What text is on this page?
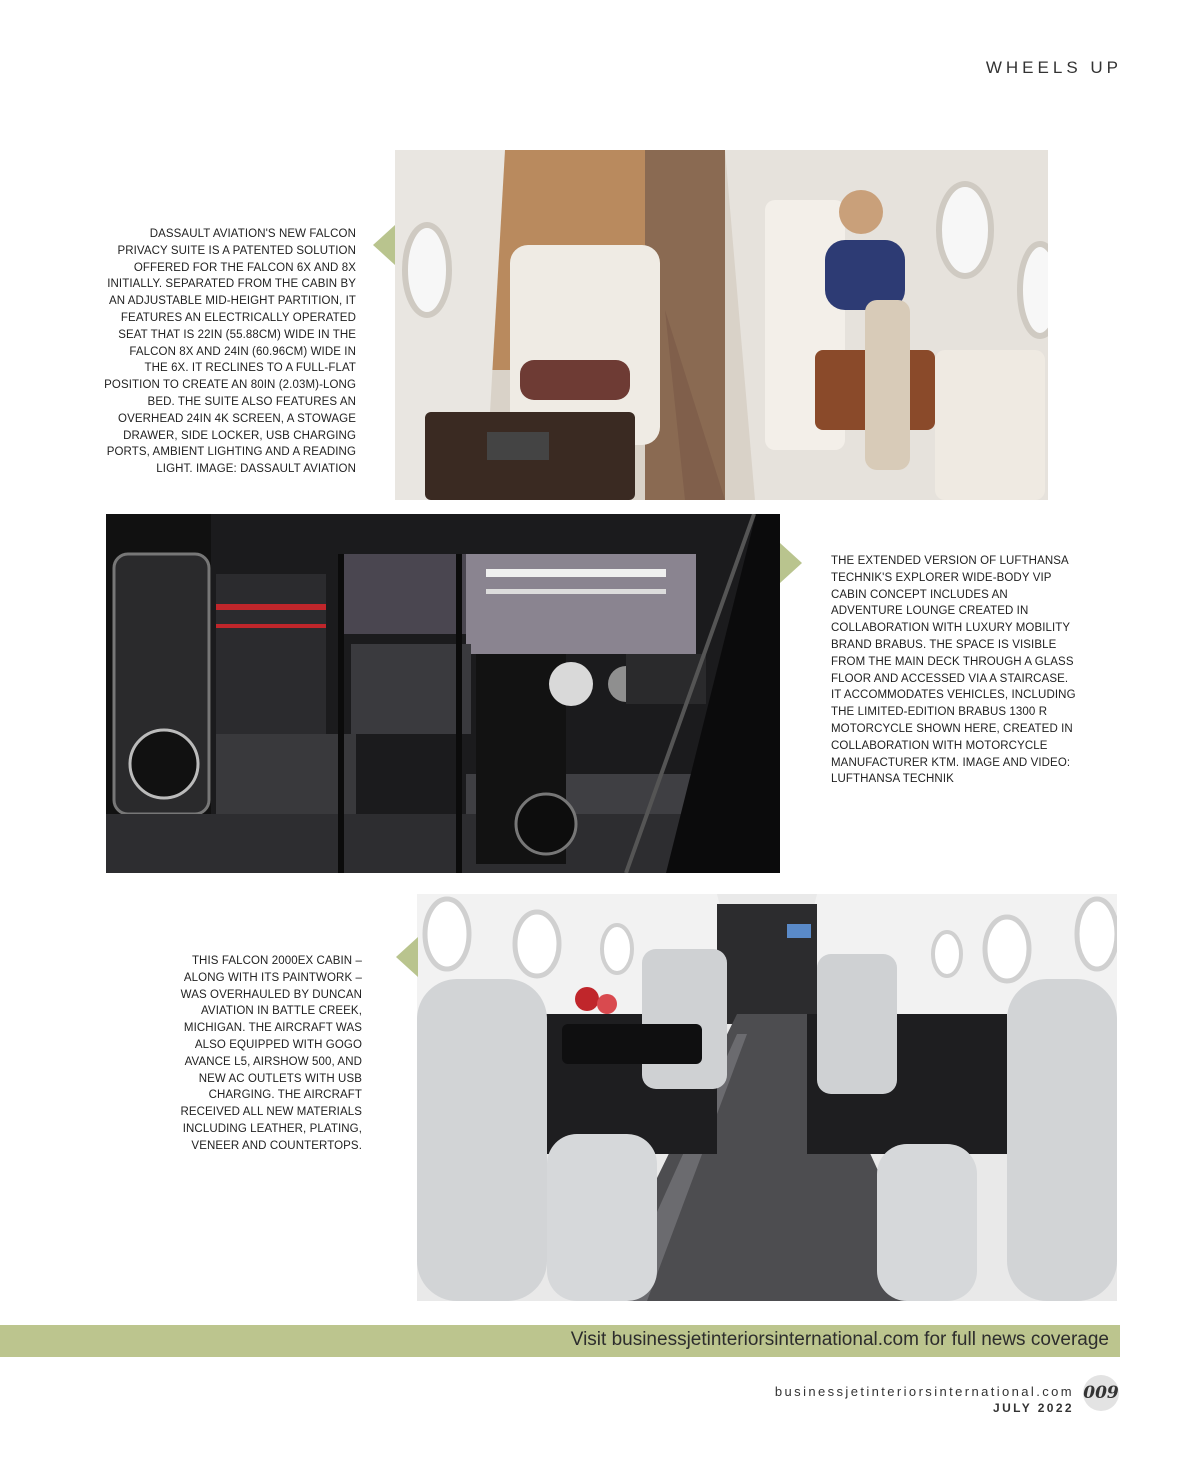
WHEELS UP
DASSAULT AVIATION'S NEW FALCON PRIVACY SUITE IS A PATENTED SOLUTION OFFERED FOR THE FALCON 6X AND 8X INITIALLY. SEPARATED FROM THE CABIN BY AN ADJUSTABLE MID-HEIGHT PARTITION, IT FEATURES AN ELECTRICALLY OPERATED SEAT THAT IS 22IN (55.88CM) WIDE IN THE FALCON 8X AND 24IN (60.96CM) WIDE IN THE 6X. IT RECLINES TO A FULL-FLAT POSITION TO CREATE AN 80IN (2.03M)-LONG BED. THE SUITE ALSO FEATURES AN OVERHEAD 24IN 4K SCREEN, A STOWAGE DRAWER, SIDE LOCKER, USB CHARGING PORTS, AMBIENT LIGHTING AND A READING LIGHT. IMAGE: DASSAULT AVIATION
THE EXTENDED VERSION OF LUFTHANSA TECHNIK'S EXPLORER WIDE-BODY VIP CABIN CONCEPT INCLUDES AN ADVENTURE LOUNGE CREATED IN COLLABORATION WITH LUXURY MOBILITY BRAND BRABUS. THE SPACE IS VISIBLE FROM THE MAIN DECK THROUGH A GLASS FLOOR AND ACCESSED VIA A STAIRCASE. IT ACCOMMODATES VEHICLES, INCLUDING THE LIMITED-EDITION BRABUS 1300 R MOTORCYCLE SHOWN HERE, CREATED IN COLLABORATION WITH MOTORCYCLE MANUFACTURER KTM. IMAGE AND VIDEO: LUFTHANSA TECHNIK
THIS FALCON 2000EX CABIN – ALONG WITH ITS PAINTWORK – WAS OVERHAULED BY DUNCAN AVIATION IN BATTLE CREEK, MICHIGAN. THE AIRCRAFT WAS ALSO EQUIPPED WITH GOGO AVANCE L5, AIRSHOW 500, AND NEW AC OUTLETS WITH USB CHARGING. THE AIRCRAFT RECEIVED ALL NEW MATERIALS INCLUDING LEATHER, PLATING, VENEER AND COUNTERTOPS.
Visit businessjetinteriorsinternational.com for full news coverage
businessjetinteriorsinternational.com
JULY 2022
009
